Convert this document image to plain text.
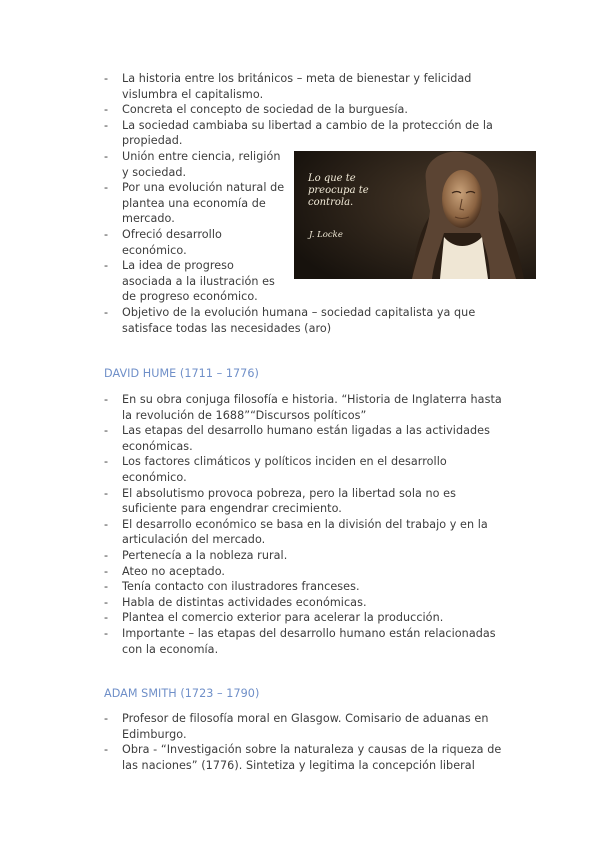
- La historia entre los británicos – meta de bienestar y felicidad vislumbra el capitalismo.
- Concreta el concepto de sociedad de la burguesía.
- La sociedad cambiaba su libertad a cambio de la protección de la propiedad.
- Unión entre ciencia, religión y sociedad.
- Por una evolución natural de plantea una economía de mercado.
- Ofreció desarrollo económico.
- La idea de progreso asociada a la ilustración es de progreso económico.
Lo que te
preocupa te
controla.
J. Locke
- Objetivo de la evolución humana – sociedad capitalista ya que satisface todas las necesidades (aro)
DAVID HUME (1711 – 1776)
- En su obra conjuga filosofía e historia. “Historia de Inglaterra hasta la revolución de 1688”“Discursos políticos”
- Las etapas del desarrollo humano están ligadas a las actividades económicas.
- Los factores climáticos y políticos inciden en el desarrollo económico.
- El absolutismo provoca pobreza, pero la libertad sola no es suficiente para engendrar crecimiento.
- El desarrollo económico se basa en la división del trabajo y en la articulación del mercado.
- Pertenecía a la nobleza rural.
- Ateo no aceptado.
- Tenía contacto con ilustradores franceses.
- Habla de distintas actividades económicas.
- Plantea el comercio exterior para acelerar la producción.
- Importante – las etapas del desarrollo humano están relacionadas con la economía.
ADAM SMITH (1723 – 1790)
- Profesor de filosofía moral en Glasgow. Comisario de aduanas en Edimburgo.
- Obra - “Investigación sobre la naturaleza y causas de la riqueza de las naciones” (1776). Sintetiza y legitima la concepción liberal
